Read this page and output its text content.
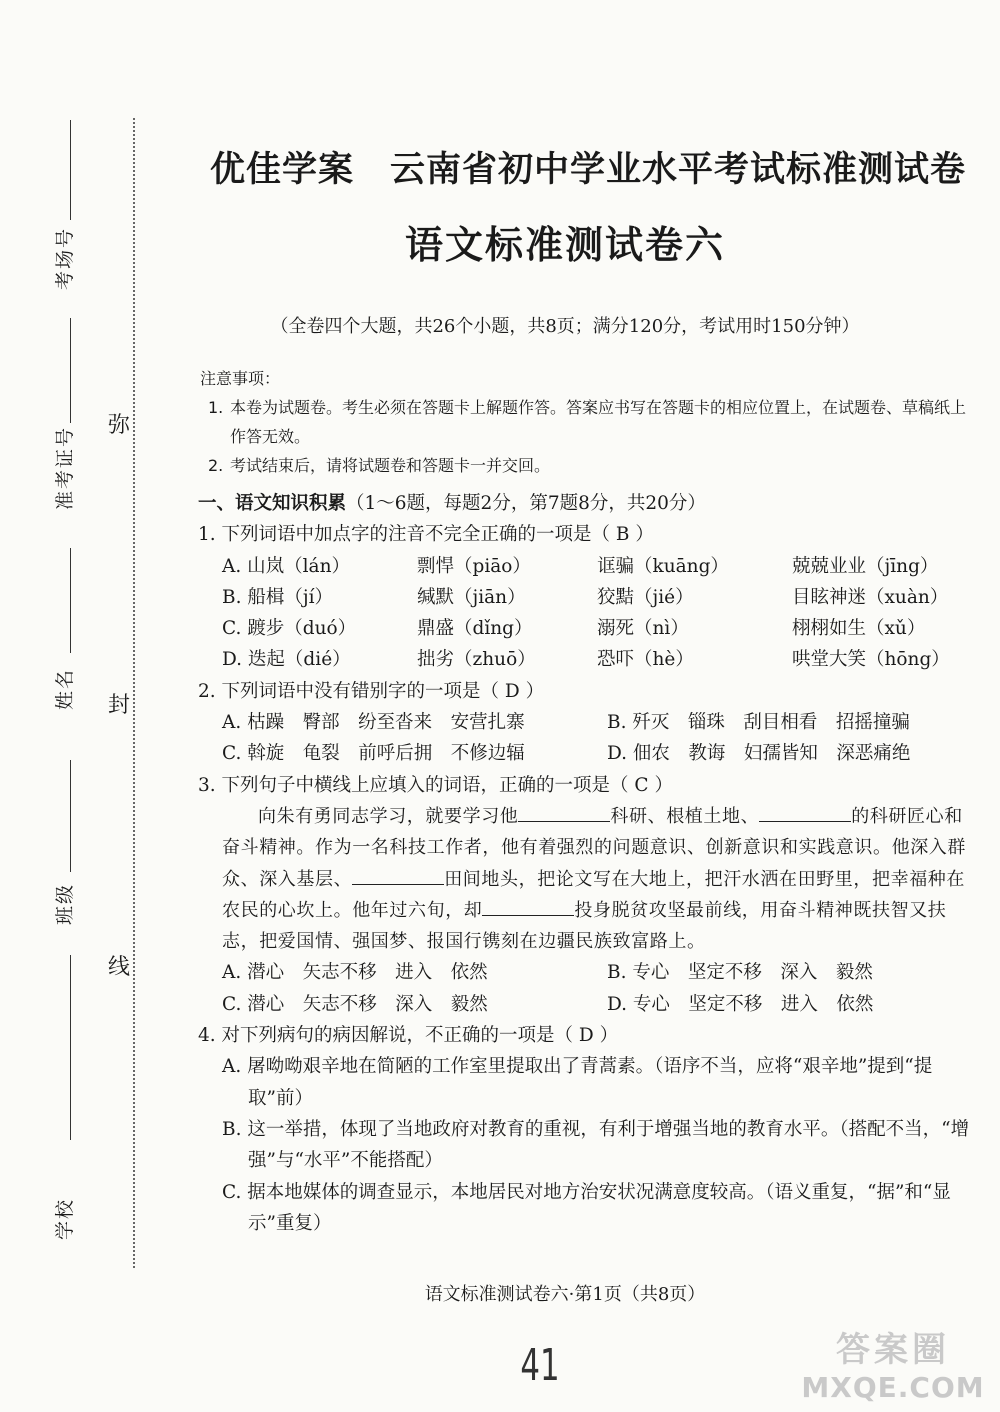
考场号
准考证号
姓名
班级
学校
弥
封
线
优佳学案　云南省初中学业水平考试标准测试卷
语文标准测试卷六
（全卷四个大题，共26个小题，共8页；满分120分，考试用时150分钟）
注意事项：
1. 本卷为试题卷。考生必须在答题卡上解题作答。答案应书写在答题卡的相应位置上，在试题卷、草稿纸上作答无效。
2. 考试结束后，请将试题卷和答题卡一并交回。
一、语文知识积累（1～6题，每题2分，第7题8分，共20分）
1. 下列词语中加点字的注音不完全正确的一项是（ B ）
A. 山岚（lán）	剽悍（piāo）	诓骗（kuāng）	兢兢业业（jīng）
B. 船楫（jí）	缄默（jiān）	狡黠（jié）	目眩神迷（xuàn）
C. 踱步（duó）	鼎盛（dǐng）	溺死（nì）	栩栩如生（xǔ）
D. 迭起（dié）	拙劣（zhuō）	恐吓（hè）	哄堂大笑（hōng）
2. 下列词语中没有错别字的一项是（ D ）
A. 枯躁　臀部　纷至沓来　安营扎寨	B. 歼灭　锱珠　刮目相看　招摇撞骗
C. 斡旋　龟裂　前呼后拥　不修边辐	D. 佃农　教诲　妇孺皆知　深恶痛绝
3. 下列句子中横线上应填入的词语，正确的一项是（ C ）

向朱有勇同志学习，就要学习他	科研、根植土地、	的科研匠心和奋斗精神。作为一名科技工作者，他有着强烈的问题意识、创新意识和实践意识。他深入群众、深入基层、	田间地头，把论文写在大地上，把汗水洒在田野里，把幸福种在农民的心坎上。他年过六旬，却	投身脱贫攻坚最前线，用奋斗精神既扶智又扶志，把爱国情、强国梦、报国行镌刻在边疆民族致富路上。

A. 潜心　矢志不移　进入　依然	B. 专心　坚定不移　深入　毅然
C. 潜心　矢志不移　深入　毅然	D. 专心　坚定不移　进入　依然
4. 对下列病句的病因解说，不正确的一项是（ D ）
A. 屠呦呦艰辛地在简陋的工作室里提取出了青蒿素。（语序不当，应将“艰辛地”提到“提取”前）
B. 这一举措，体现了当地政府对教育的重视，有利于增强当地的教育水平。（搭配不当，“增强”与“水平”不能搭配）
C. 据本地媒体的调查显示，本地居民对地方治安状况满意度较高。（语义重复，“据”和“显示”重复）
语文标准测试卷六·第1页（共8页）
41	答案圈
MXQE.COM
